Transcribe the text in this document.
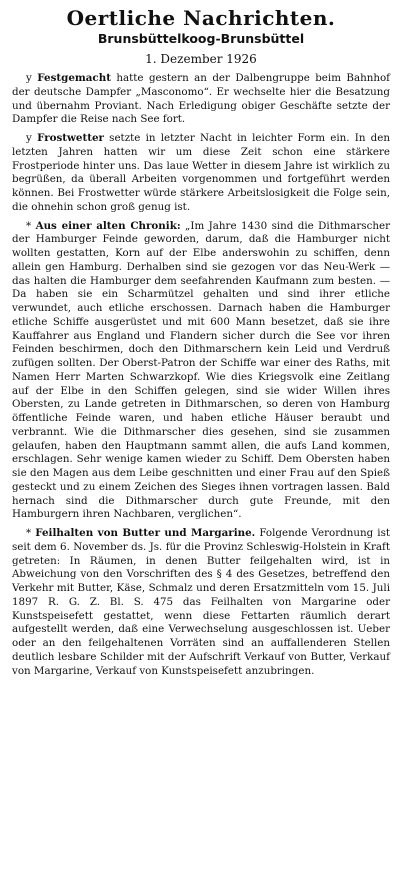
Oertliche Nachrichten.
Brunsbüttelkoog-Brunsbüttel
1. Dezember 1926

y Festgemacht hatte gestern an der Dalbengruppe beim Bahnhof der deutsche Dampfer „Masconomo“. Er wechselte hier die Besatzung und übernahm Proviant. Nach Erledigung obiger Geschäfte setzte der Dampfer die Reise nach See fort.

y Frostwetter setzte in letzter Nacht in leichter Form ein. In den letzten Jahren hatten wir um diese Zeit schon eine stärkere Frostperiode hinter uns. Das laue Wetter in diesem Jahre ist wirklich zu begrüßen, da überall Arbeiten vorgenommen und fortgeführt werden können. Bei Frostwetter würde stärkere Arbeitslosigkeit die Folge sein, die ohnehin schon groß genug ist.

* Aus einer alten Chronik: „Im Jahre 1430 sind die Dithmarscher der Hamburger Feinde geworden, darum, daß die Hamburger nicht wollten gestatten, Korn auf der Elbe anderswohin zu schiffen, denn allein gen Hamburg. Derhalben sind sie gezogen vor das Neu-Werk — das halten die Hamburger dem seefahrenden Kaufmann zum besten. — Da haben sie ein Scharmützel gehalten und sind ihrer etliche verwundet, auch etliche erschossen. Darnach haben die Hamburger etliche Schiffe ausgerüstet und mit 600 Mann besetzet, daß sie ihre Kauffahrer aus England und Flandern sicher durch die See vor ihren Feinden beschirmen, doch den Dithmarschern kein Leid und Verdruß zufügen sollten. Der Oberst-Patron der Schiffe war einer des Raths, mit Namen Herr Marten Schwarzkopf. Wie dies Kriegsvolk eine Zeitlang auf der Elbe in den Schiffen gelegen, sind sie wider Willen ihres Obersten, zu Lande getreten in Dithmarschen, so deren von Hamburg öffentliche Feinde waren, und haben etliche Häuser beraubt und verbrannt. Wie die Dithmarscher dies gesehen, sind sie zusammen gelaufen, haben den Hauptmann sammt allen, die aufs Land kommen, erschlagen. Sehr wenige kamen wieder zu Schiff. Dem Obersten haben sie den Magen aus dem Leibe geschnitten und einer Frau auf den Spieß gesteckt und zu einem Zeichen des Sieges ihnen vortragen lassen. Bald hernach sind die Dithmarscher durch gute Freunde, mit den Hamburgern ihren Nachbaren, verglichen“.

* Feilhalten von Butter und Margarine. Folgende Verordnung ist seit dem 6. November ds. Js. für die Provinz Schleswig-Holstein in Kraft getreten: In Räumen, in denen Butter feilgehalten wird, ist in Abweichung von den Vorschriften des § 4 des Gesetzes, betreffend den Verkehr mit Butter, Käse, Schmalz und deren Ersatzmitteln vom 15. Juli 1897 R. G. Z. Bl. S. 475 das Feilhalten von Margarine oder Kunstspeisefett gestattet, wenn diese Fettarten räumlich derart aufgestellt werden, daß eine Verwechselung ausgeschlossen ist. Ueber oder an den feilgehaltenen Vorräten sind an auffallenderen Stellen deutlich lesbare Schilder mit der Aufschrift Verkauf von Butter, Verkauf von Margarine, Verkauf von Kunstspeisefett anzubringen.
